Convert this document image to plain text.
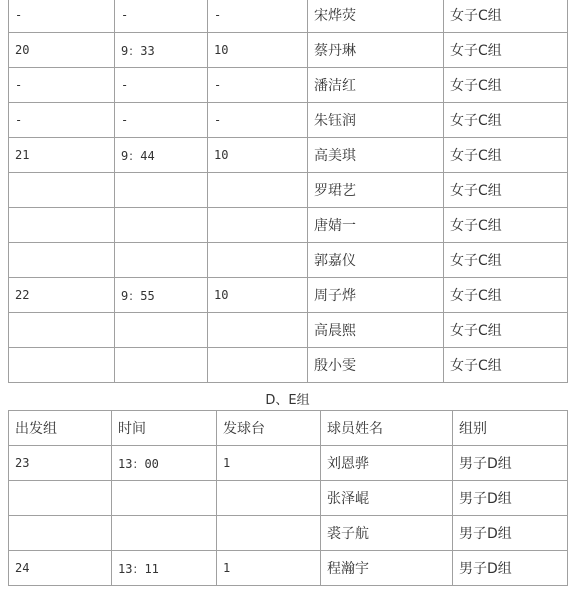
-	-	-	宋烨荧	女子C组
20	9：33	10	蔡丹琳	女子C组
-	-	-	潘洁红	女子C组
-	-	-	朱钰润	女子C组
21	9：44	10	高美琪	女子C组
			罗珺艺	女子C组
			唐婧一	女子C组
			郭嘉仪	女子C组
22	9：55	10	周子烨	女子C组
			高晨熙	女子C组
			殷小雯	女子C组
D、E组
出发组	时间	发球台	球员姓名	组别
23	13：00	1	刘恩骅	男子D组
			张泽崐	男子D组
			裘子航	男子D组
24	13：11	1	程瀚宇	男子D组
